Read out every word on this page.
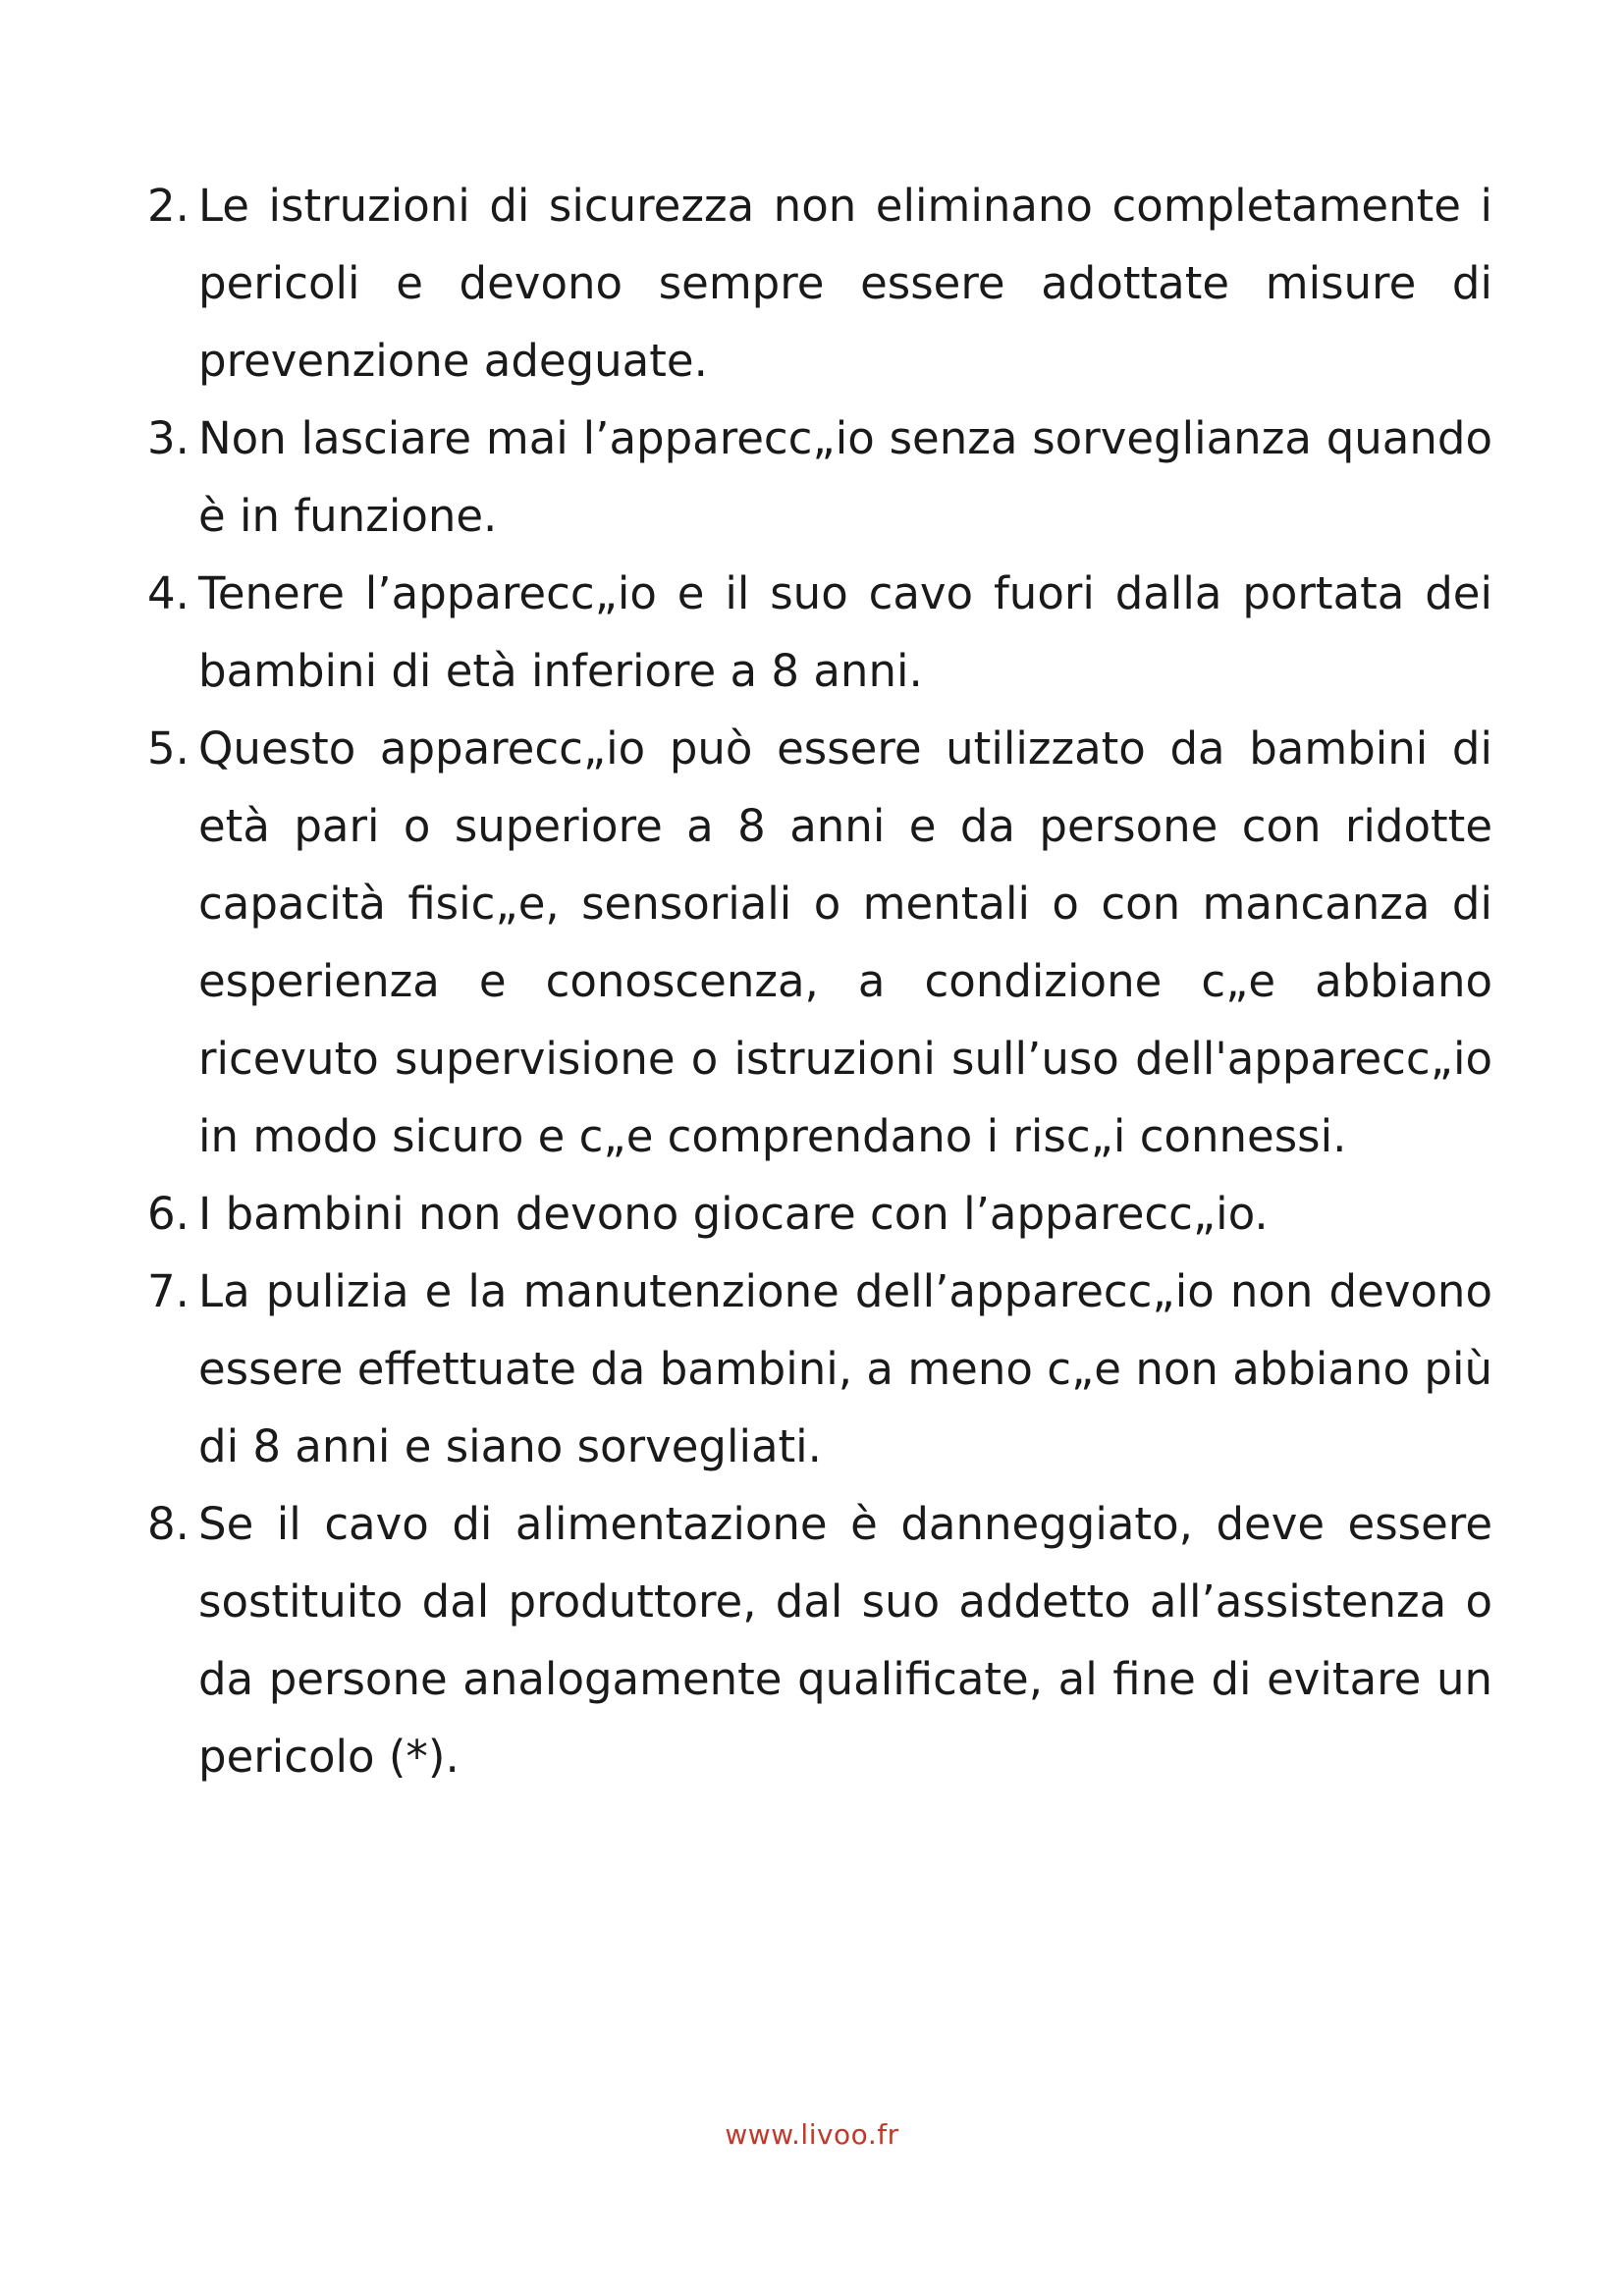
2. Le istruzioni di sicurezza non eliminano completamente i pericoli e devono sempre essere adottate misure di prevenzione adeguate.
3. Non lasciare mai l’apparecc„io senza sorveglianza quando è in funzione.
4. Tenere l’apparecc„io e il suo cavo fuori dalla portata dei bambini di età inferiore a 8 anni.
5. Questo apparecc„io può essere utilizzato da bambini di età pari o superiore a 8 anni e da persone con ridotte capacità fisic„e, sensoriali o mentali o con mancanza di esperienza e conoscenza, a condizione c„e abbiano ricevuto supervisione o istruzioni sull’uso dell'apparecc„io in modo sicuro e c„e comprendano i risc„i connessi.
6. I bambini non devono giocare con l’apparecc„io.
7. La pulizia e la manutenzione dell’apparecc„io non devono essere effettuate da bambini, a meno c„e non abbiano più di 8 anni e siano sorvegliati.
8. Se il cavo di alimentazione è danneggiato, deve essere sostituito dal produttore, dal suo addetto all’assistenza o da persone analogamente qualificate, al fine di evitare un pericolo (*).
www.livoo.fr
